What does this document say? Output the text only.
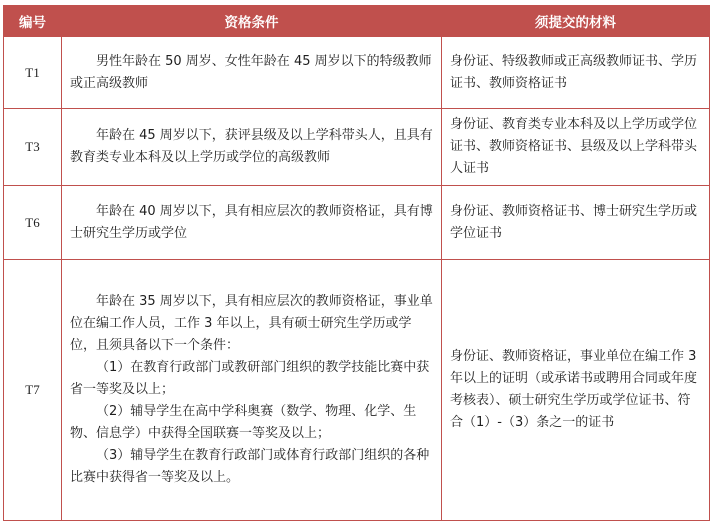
编号	资格条件	须提交的材料
T1	男性年龄在 50 周岁、女性年龄在 45 周岁以下的特级教师或正高级教师	身份证、特级教师或正高级教师证书、学历证书、教师资格证书
T3	年龄在 45 周岁以下，获评县级及以上学科带头人，且具有教育类专业本科及以上学历或学位的高级教师	身份证、教育类专业本科及以上学历或学位证书、教师资格证书、县级及以上学科带头人证书
T6	年龄在 40 周岁以下，具有相应层次的教师资格证，具有博士研究生学历或学位	身份证、教师资格证书、博士研究生学历或学位证书
T7	年龄在 35 周岁以下，具有相应层次的教师资格证，事业单位在编工作人员，工作 3 年以上，具有硕士研究生学历或学位，且须具备以下一个条件：

（1）在教育行政部门或教研部门组织的教学技能比赛中获省一等奖及以上；

（2）辅导学生在高中学科奥赛（数学、物理、化学、生物、信息学）中获得全国联赛一等奖及以上；

（3）辅导学生在教育行政部门或体育行政部门组织的各种比赛中获得省一等奖及以上。	身份证、教师资格证，事业单位在编工作 3 年以上的证明（或承诺书或聘用合同或年度考核表）、硕士研究生学历或学位证书、符合（1）-（3）条之一的证书
